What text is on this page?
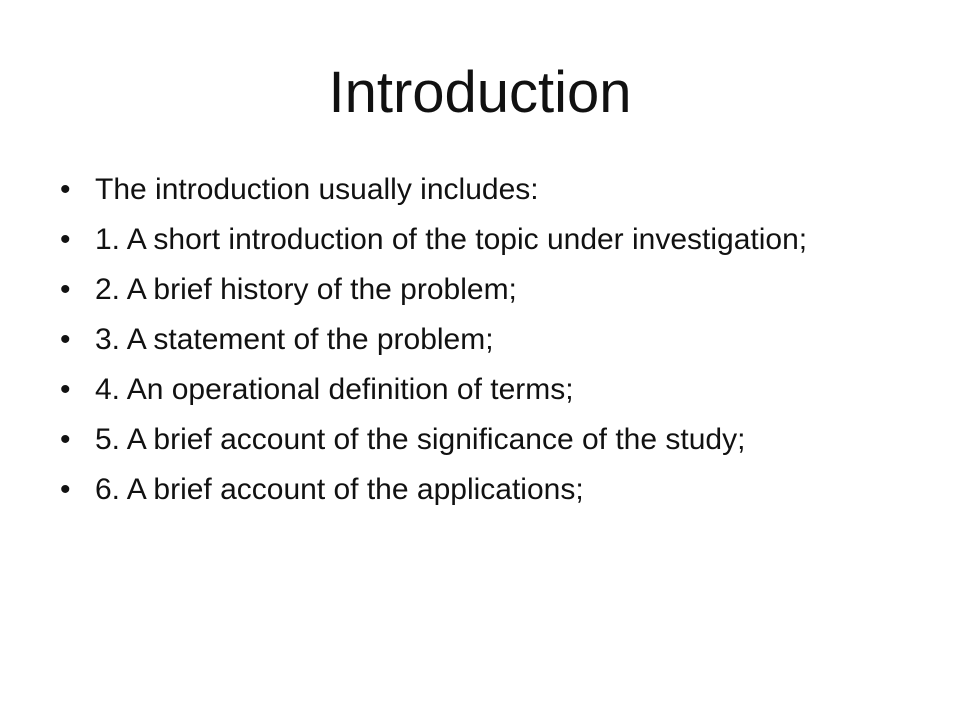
Introduction
• The introduction usually includes:
• 1. A short introduction of the topic under investigation;
• 2. A brief history of the problem;
• 3. A statement of the problem;
• 4. An operational definition of terms;
• 5. A brief account of the significance of the study;
• 6. A brief account of the applications;
